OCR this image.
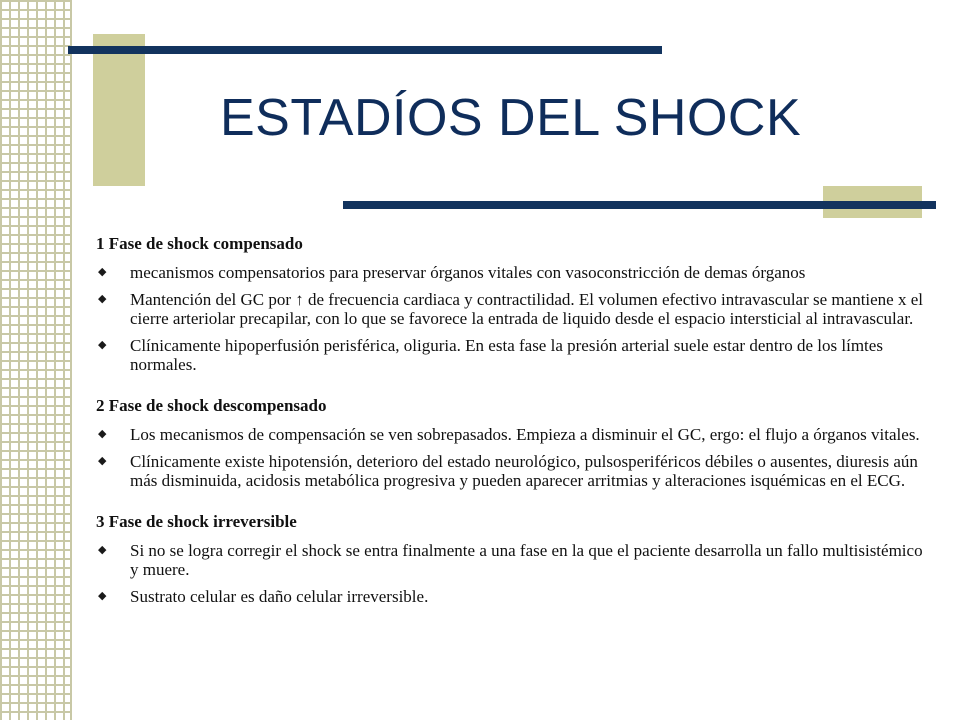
ESTADÍOS DEL SHOCK
1 Fase de shock compensado
◆	mecanismos compensatorios para preservar órganos vitales con vasoconstricción de demas órganos
◆	Mantención del GC por ↑ de frecuencia cardiaca y contractilidad. El volumen efectivo intravascular se mantiene x el cierre arteriolar precapilar, con lo que se favorece la entrada de liquido desde el espacio intersticial al intravascular.
◆	Clínicamente hipoperfusión perisférica, oliguria. En esta fase la presión arterial suele estar dentro de los límtes normales.
2 Fase de shock descompensado
◆	Los mecanismos de compensación se ven sobrepasados. Empieza a disminuir el GC, ergo: el flujo a órganos vitales.
◆	Clínicamente existe hipotensión, deterioro del estado neurológico, pulsosperiféricos débiles o ausentes, diuresis aún más disminuida, acidosis metabólica progresiva y pueden aparecer arritmias y alteraciones isquémicas en el ECG.
3 Fase de shock irreversible
◆	Si no se logra corregir el shock se entra finalmente a una fase en la que el paciente desarrolla un fallo multisistémico y muere.
◆	Sustrato celular es daño celular irreversible.
